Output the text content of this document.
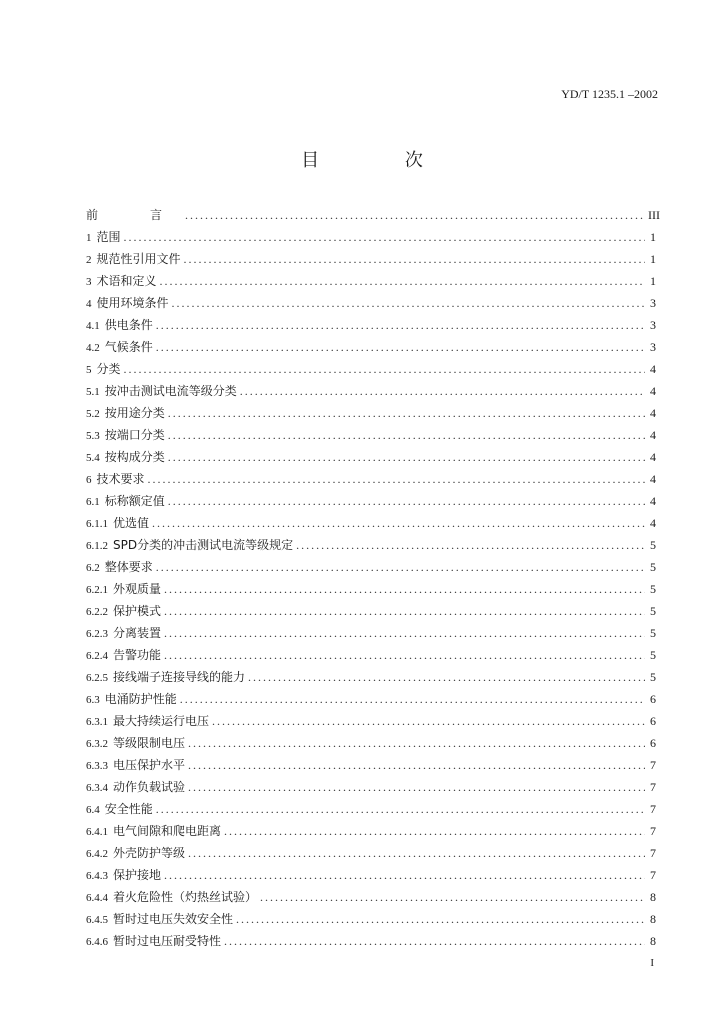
YD/T 1235.1 –2002
目 次
前　言 .....	III
1 范围 .....	1
2 规范性引用文件 .....	1
3 术语和定义 .....	1
4 使用环境条件 .....	3
4.1 供电条件 .....	3
4.2 气候条件 .....	3
5 分类 .....	4
5.1 按冲击测试电流等级分类 .....	4
5.2 按用途分类 .....	4
5.3 按端口分类 .....	4
5.4 按构成分类 .....	4
6 技术要求 .....	4
6.1 标称额定值 .....	4
6.1.1 优选值 .....	4
6.1.2 SPD分类的冲击测试电流等级规定 .....	5
6.2 整体要求 .....	5
6.2.1 外观质量 .....	5
6.2.2 保护模式 .....	5
6.2.3 分离装置 .....	5
6.2.4 告警功能 .....	5
6.2.5 接线端子连接导线的能力 .....	5
6.3 电涌防护性能 .....	6
6.3.1 最大持续运行电压 .....	6
6.3.2 等级限制电压 .....	6
6.3.3 电压保护水平 .....	7
6.3.4 动作负载试验 .....	7
6.4 安全性能 .....	7
6.4.1 电气间隙和爬电距离 .....	7
6.4.2 外壳防护等级 .....	7
6.4.3 保护接地 .....	7
6.4.4 着火危险性（灼热丝试验） .....	8
6.4.5 暂时过电压失效安全性 .....	8
6.4.6 暂时过电压耐受特性 .....	8
I
